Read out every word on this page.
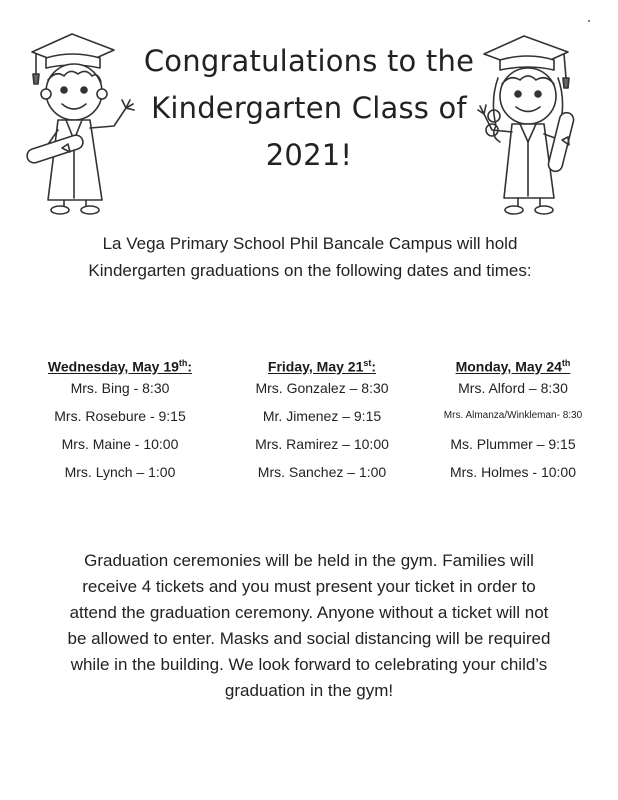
Congratulations to the
Kindergarten Class of
2021!

La Vega Primary School Phil Bancale Campus will hold
Kindergarten graduations on the following dates and times:

Wednesday, May 19th:
Mrs. Bing - 8:30
Mrs. Rosebure - 9:15
Mrs. Maine - 10:00
Mrs. Lynch – 1:00
Friday, May 21st:
Mrs. Gonzalez – 8:30
Mr. Jimenez – 9:15
Mrs. Ramirez – 10:00
Mrs. Sanchez – 1:00
Monday, May 24th
Mrs. Alford – 8:30
Mrs. Almanza/Winkleman- 8:30
Ms. Plummer – 9:15
Mrs. Holmes - 10:00

Graduation ceremonies will be held in the gym. Families will
receive 4 tickets and you must present your ticket in order to
attend the graduation ceremony. Anyone without a ticket will not
be allowed to enter. Masks and social distancing will be required
while in the building. We look forward to celebrating your child’s
graduation in the gym!
